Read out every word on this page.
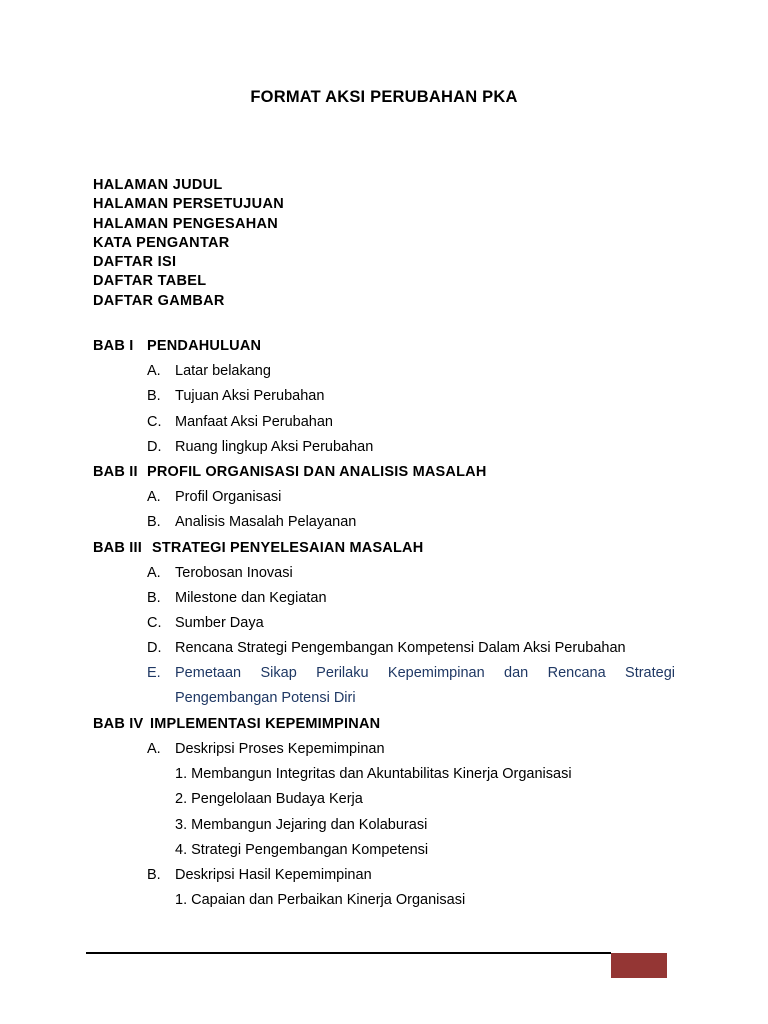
FORMAT AKSI PERUBAHAN PKA
HALAMAN JUDUL
HALAMAN PERSETUJUAN
HALAMAN PENGESAHAN
KATA PENGANTAR
DAFTAR ISI
DAFTAR TABEL
DAFTAR GAMBAR
BAB I PENDAHULUAN
A. Latar belakang
B. Tujuan Aksi Perubahan
C. Manfaat Aksi Perubahan
D. Ruang lingkup Aksi Perubahan
BAB II PROFIL ORGANISASI DAN ANALISIS MASALAH
A. Profil Organisasi
B. Analisis Masalah Pelayanan
BAB III STRATEGI PENYELESAIAN MASALAH
A. Terobosan Inovasi
B. Milestone dan Kegiatan
C. Sumber Daya
D. Rencana Strategi Pengembangan Kompetensi Dalam Aksi Perubahan
E. Pemetaan Sikap Perilaku Kepemimpinan dan Rencana Strategi Pengembangan Potensi Diri
BAB IV IMPLEMENTASI KEPEMIMPINAN
A. Deskripsi Proses Kepemimpinan
1. Membangun Integritas dan Akuntabilitas Kinerja Organisasi
2. Pengelolaan Budaya Kerja
3. Membangun Jejaring dan Kolaburasi
4. Strategi Pengembangan Kompetensi
B. Deskripsi Hasil Kepemimpinan
1. Capaian dan Perbaikan Kinerja Organisasi
